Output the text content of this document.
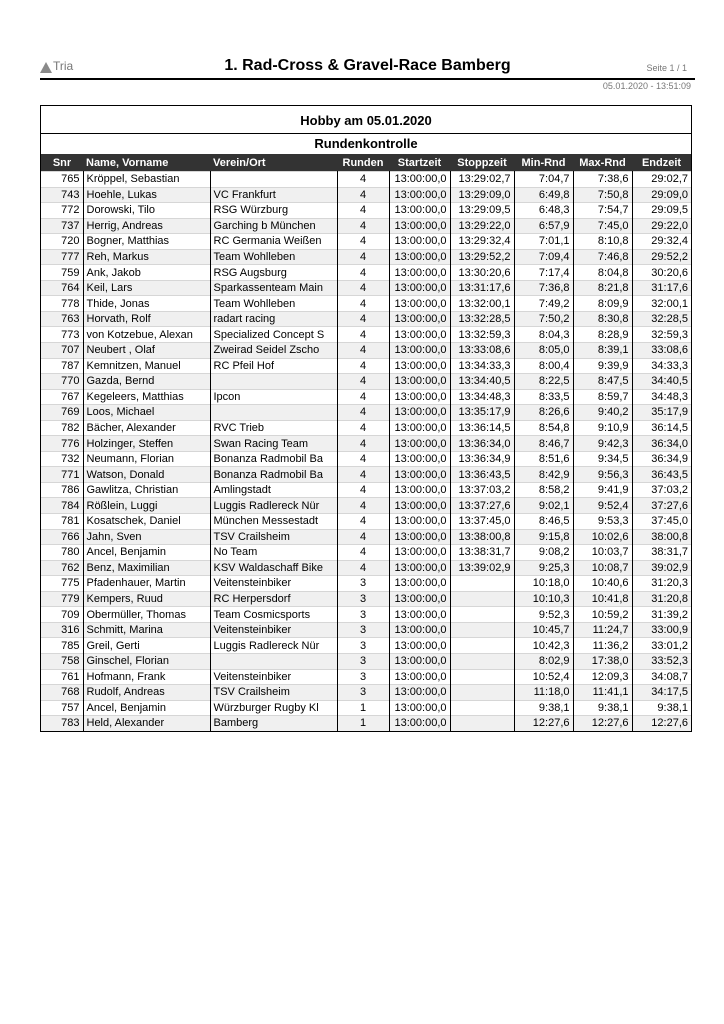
Tria	1. Rad-Cross & Gravel-Race Bamberg	Seite 1 / 1
05.01.2020 - 13:51:09
Hobby am 05.01.2020
Rundenkontrolle
Snr	Name, Vorname	Verein/Ort	Runden	Startzeit	Stoppzeit	Min-Rnd	Max-Rnd	Endzeit
765	Kröppel, Sebastian		4	13:00:00,0	13:29:02,7	7:04,7	7:38,6	29:02,7
743	Hoehle, Lukas	VC Frankfurt	4	13:00:00,0	13:29:09,0	6:49,8	7:50,8	29:09,0
772	Dorowski, Tilo	RSG Würzburg	4	13:00:00,0	13:29:09,5	6:48,3	7:54,7	29:09,5
737	Herrig, Andreas	Garching b München	4	13:00:00,0	13:29:22,0	6:57,9	7:45,0	29:22,0
720	Bogner, Matthias	RC Germania Weißen	4	13:00:00,0	13:29:32,4	7:01,1	8:10,8	29:32,4
777	Reh, Markus	Team Wohlleben	4	13:00:00,0	13:29:52,2	7:09,4	7:46,8	29:52,2
759	Ank, Jakob	RSG Augsburg	4	13:00:00,0	13:30:20,6	7:17,4	8:04,8	30:20,6
764	Keil, Lars	Sparkassenteam Main	4	13:00:00,0	13:31:17,6	7:36,8	8:21,8	31:17,6
778	Thide, Jonas	Team Wohlleben	4	13:00:00,0	13:32:00,1	7:49,2	8:09,9	32:00,1
763	Horvath, Rolf	radart racing	4	13:00:00,0	13:32:28,5	7:50,2	8:30,8	32:28,5
773	von Kotzebue, Alexan	Specialized Concept S	4	13:00:00,0	13:32:59,3	8:04,3	8:28,9	32:59,3
707	Neubert , Olaf	Zweirad Seidel Zscho	4	13:00:00,0	13:33:08,6	8:05,0	8:39,1	33:08,6
787	Kemnitzen, Manuel	RC Pfeil Hof	4	13:00:00,0	13:34:33,3	8:00,4	9:39,9	34:33,3
770	Gazda, Bernd		4	13:00:00,0	13:34:40,5	8:22,5	8:47,5	34:40,5
767	Kegeleers, Matthias	Ipcon	4	13:00:00,0	13:34:48,3	8:33,5	8:59,7	34:48,3
769	Loos, Michael		4	13:00:00,0	13:35:17,9	8:26,6	9:40,2	35:17,9
782	Bächer, Alexander	RVC Trieb	4	13:00:00,0	13:36:14,5	8:54,8	9:10,9	36:14,5
776	Holzinger, Steffen	Swan Racing Team	4	13:00:00,0	13:36:34,0	8:46,7	9:42,3	36:34,0
732	Neumann, Florian	Bonanza Radmobil Ba	4	13:00:00,0	13:36:34,9	8:51,6	9:34,5	36:34,9
771	Watson, Donald	Bonanza Radmobil Ba	4	13:00:00,0	13:36:43,5	8:42,9	9:56,3	36:43,5
786	Gawlitza, Christian	Amlingstadt	4	13:00:00,0	13:37:03,2	8:58,2	9:41,9	37:03,2
784	Rößlein, Luggi	Luggis Radlereck Nür	4	13:00:00,0	13:37:27,6	9:02,1	9:52,4	37:27,6
781	Kosatschek, Daniel	München Messestadt	4	13:00:00,0	13:37:45,0	8:46,5	9:53,3	37:45,0
766	Jahn, Sven	TSV Crailsheim	4	13:00:00,0	13:38:00,8	9:15,8	10:02,6	38:00,8
780	Ancel, Benjamin	No Team	4	13:00:00,0	13:38:31,7	9:08,2	10:03,7	38:31,7
762	Benz, Maximilian	KSV Waldaschaff Bike	4	13:00:00,0	13:39:02,9	9:25,3	10:08,7	39:02,9
775	Pfadenhauer, Martin	Veitensteinbiker	3	13:00:00,0		10:18,0	10:40,6	31:20,3
779	Kempers, Ruud	RC Herpersdorf	3	13:00:00,0		10:10,3	10:41,8	31:20,8
709	Obermüller, Thomas	Team Cosmicsports	3	13:00:00,0		9:52,3	10:59,2	31:39,2
316	Schmitt, Marina	Veitensteinbiker	3	13:00:00,0		10:45,7	11:24,7	33:00,9
785	Greil, Gerti	Luggis Radlereck Nür	3	13:00:00,0		10:42,3	11:36,2	33:01,2
758	Ginschel, Florian		3	13:00:00,0		8:02,9	17:38,0	33:52,3
761	Hofmann, Frank	Veitensteinbiker	3	13:00:00,0		10:52,4	12:09,3	34:08,7
768	Rudolf, Andreas	TSV Crailsheim	3	13:00:00,0		11:18,0	11:41,1	34:17,5
757	Ancel, Benjamin	Würzburger Rugby Kl	1	13:00:00,0		9:38,1	9:38,1	9:38,1
783	Held, Alexander	Bamberg	1	13:00:00,0		12:27,6	12:27,6	12:27,6
